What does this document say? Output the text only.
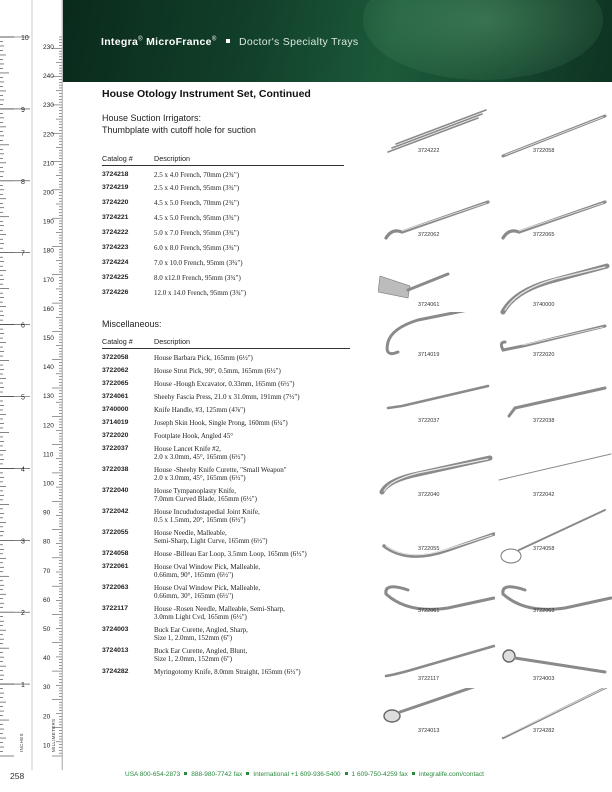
10
9
8
7
6
5
4
3
2
1
230
240
230
220
210
200
190
180
170
160
150
140
130
120
110
100
90
80
70
60
50
40
30
20
10
INCHES	MILLIMETERS
Integra® MicroFrance® Doctor's Specialty Trays
House Otology Instrument Set, Continued
House Suction Irrigators:
Thumbplate with cutoff hole for suction
Catalog #	Description
3724218	2.5 x 4.0 French, 70mm (2¾")
3724219	2.5 x 4.0 French, 95mm (3¾")
3724220	4.5 x 5.0 French, 70mm (2¾")
3724221	4.5 x 5.0 French, 95mm (3¾")
3724222	5.0 x 7.0 French, 95mm (3¾")
3724223	6.0 x 8.0 French, 95mm (3¾")
3724224	7.0 x 10.0 French, 95mm (3¾")
3724225	8.0 x12.0 French, 95mm (3¾")
3724226	12.0 x 14.0 French, 95mm (3¾")
Miscellaneous:
Catalog #	Description
3722058	House Barbara Pick, 165mm (6½")

3722062	House Strut Pick, 90°, 0.5mm, 165mm (6½")

3722065	House -Hough Excavator, 0.33mm, 165mm (6½")

3724061	Sheehy Fascia Press, 21.0 x 31.0mm, 191mm (7½")

3740000	Knife Handle, #3, 125mm (4⅞")

3714019	Joseph Skin Hook, Single Prong, 160mm (6¼")

3722020	Footplate Hook, Angled 45°

3722037	House Lancet Knife #2,
2.0 x 3.0mm, 45°, 165mm (6½")

3722038	House -Sheehy Knife Curette, "Small Weapon"
2.0 x 3.0mm, 45°, 165mm (6½")

3722040	House Tympanoplasty Knife,
7.0mm Curved Blade, 165mm (6½")

3722042	House Incududostapedial Joint Knife,
0.5 x 1.5mm, 20°, 165mm (6½")

3722055	House Needle, Malleable,
Semi-Sharp, Light Curve, 165mm (6½")

3724058	House -Billeau Ear Loop, 3.5mm Loop, 165mm (6½")

3722061	House Oval Window Pick, Malleable,
0.66mm, 90°, 165mm (6½")

3722063	House Oval Window Pick, Malleable,
0.66mm, 30°, 165mm (6½")

3722117	House -Rosen Needle, Malleable, Semi-Sharp,
3.0mm Light Cvd, 165mm (6½")

3724003	Buck Ear Curette, Angled, Sharp,
Size 1, 2.0mm, 152mm (6")

3724013	Buck Ear Curette, Angled, Blunt,
Size 1, 2.0mm, 152mm (6")

3724282	Myringotomy Knife, 8.0mm Straight, 165mm (6½")
3724222	3722058
3722062	3722065
3724061	3740000
3714019	3722020
3722037	3722038
3722040	3722042
3722055	3724058
3722061	3722063
3722117	3724003
3724013	3724282
258	USA 800-654-2873 888-980-7742 fax International +1 609-936-5400 1 609-750-4259 fax integralife.com/contact
